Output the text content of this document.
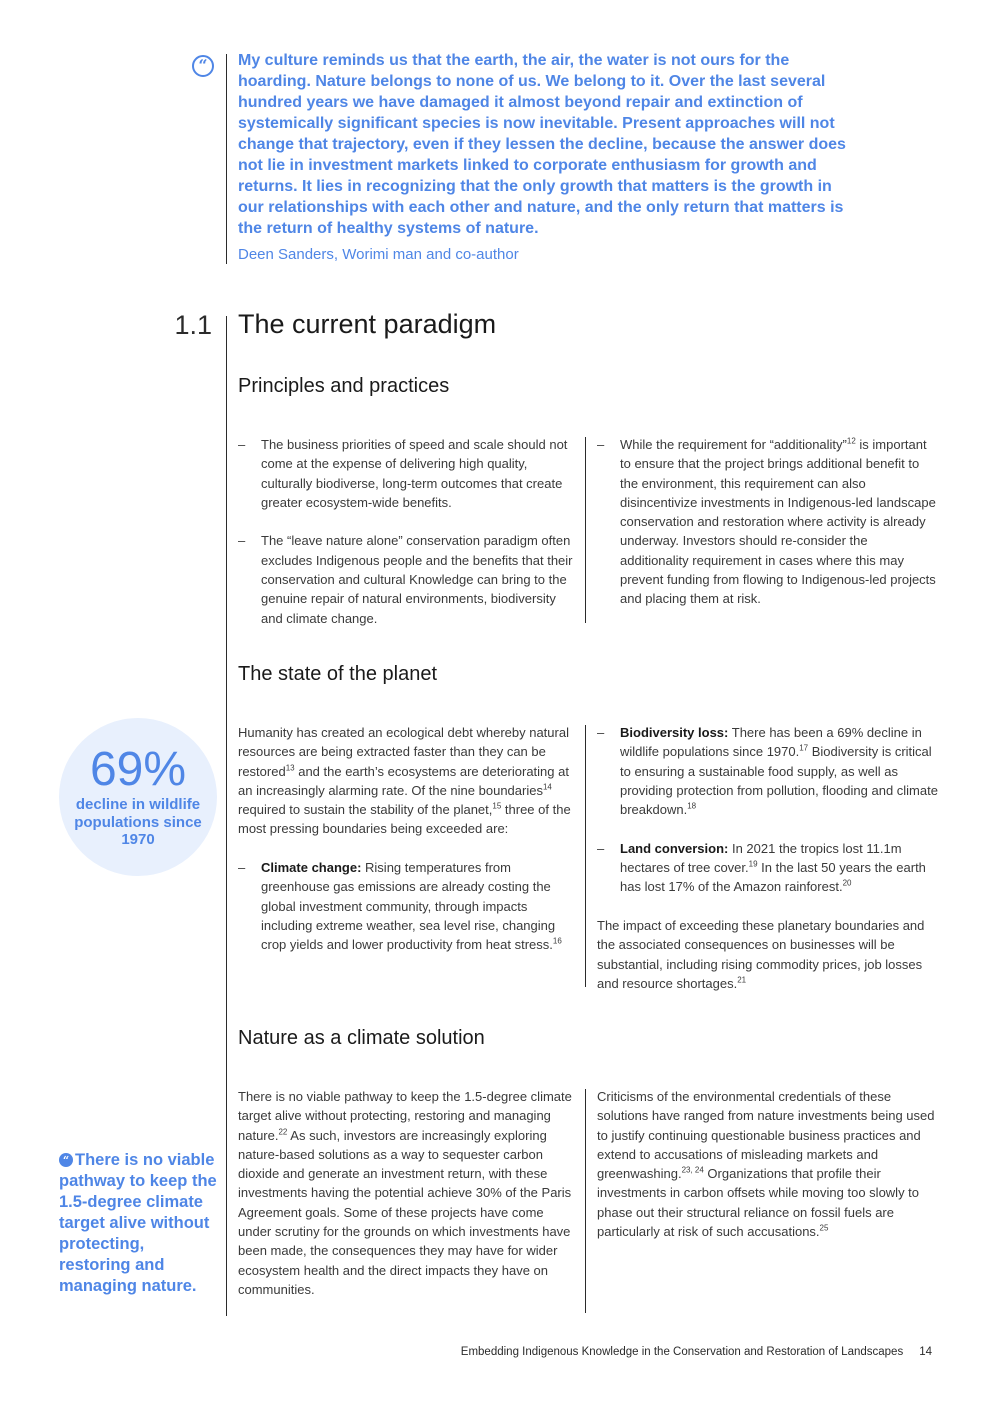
“	My culture reminds us that the earth, the air, the water is not ours for the hoarding. Nature belongs to none of us. We belong to it. Over the last several hundred years we have damaged it almost beyond repair and extinction of systemically significant species is now inevitable. Present approaches will not change that trajectory, even if they lessen the decline, because the answer does not lie in investment markets linked to corporate enthusiasm for growth and returns. It lies in recognizing that the only growth that matters is the growth in our relationships with each other and nature, and the only return that matters is the return of healthy systems of nature.

Deen Sanders, Worimi man and co-author

1.1 The current paradigm
Principles and practices
– The business priorities of speed and scale should not come at the expense of delivering high quality, culturally biodiverse, long-term outcomes that create greater ecosystem-wide benefits.
– The “leave nature alone” conservation paradigm often excludes Indigenous people and the benefits that their conservation and cultural Knowledge can bring to the genuine repair of natural environments, biodiversity and climate change.
– While the requirement for “additionality”$^{12}$ is important to ensure that the project brings additional benefit to the environment, this requirement can also disincentivize investments in Indigenous-led landscape conservation and restoration where activity is already underway. Investors should re-consider the additionality requirement in cases where this may prevent funding from flowing to Indigenous-led projects and placing them at risk.
The state of the planet
69%
decline in wildlife populations since 1970

Humanity has created an ecological debt whereby natural resources are being extracted faster than they can be restored$^{13}$ and the earth’s ecosystems are deteriorating at an increasingly alarming rate. Of the nine boundaries$^{14}$ required to sustain the stability of the planet,$^{15}$ three of the most pressing boundaries being exceeded are:

– Climate change: Rising temperatures from greenhouse gas emissions are already costing the global investment community, through impacts including extreme weather, sea level rise, changing crop yields and lower productivity from heat stress.$^{16}$
– Biodiversity loss: There has been a 69% decline in wildlife populations since 1970.17 Biodiversity is critical to ensuring a sustainable food supply, as well as providing protection from pollution, flooding and climate breakdown.$^{18}$
– Land conversion: In 2021 the tropics lost 11.1m hectares of tree cover.$^{19}$ In the last 50 years the earth has lost 17% of the Amazon rainforest.$^{20}$

The impact of exceeding these planetary boundaries and the associated consequences on businesses will be substantial, including rising commodity prices, job losses and resource shortages.$^{21}$

Nature as a climate solution

“ There is no viable pathway to keep the 1.5-degree climate target alive without protecting, restoring and managing nature.

There is no viable pathway to keep the 1.5-degree climate target alive without protecting, restoring and managing nature.$^{22}$ As such, investors are increasingly exploring nature-based solutions as a way to sequester carbon dioxide and generate an investment return, with these investments having the potential achieve 30% of the Paris Agreement goals. Some of these projects have come under scrutiny for the grounds on which investments have been made, the consequences they may have for wider ecosystem health and the direct impacts they have on communities.

Criticisms of the environmental credentials of these solutions have ranged from nature investments being used to justify continuing questionable business practices and extend to accusations of misleading markets and greenwashing.$^{23, 24}$ Organizations that profile their investments in carbon offsets while moving too slowly to phase out their structural reliance on fossil fuels are particularly at risk of such accusations.$^{25}$

Embedding Indigenous Knowledge in the Conservation and Restoration of Landscapes 14
